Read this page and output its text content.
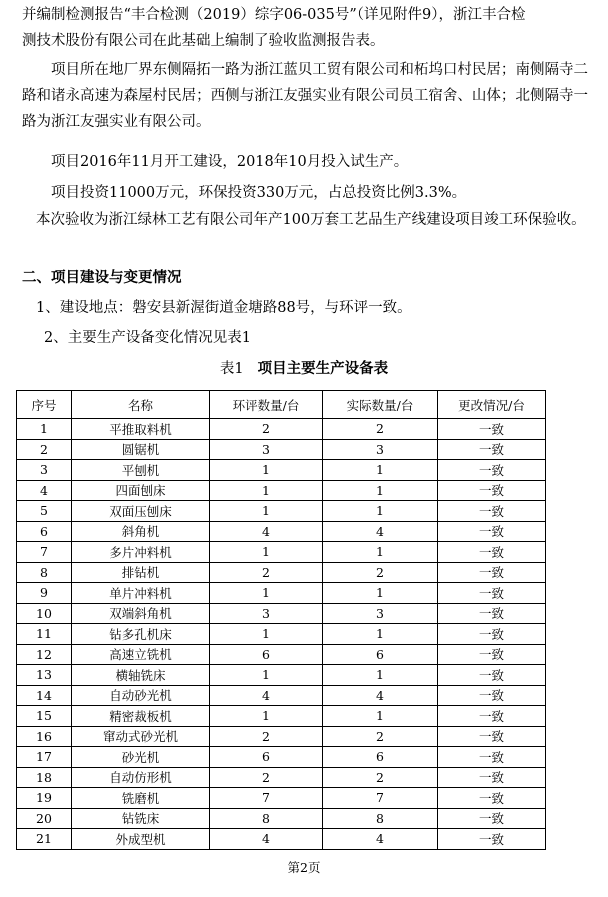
并编制检测报告“丰合检测（2019）综字06-035号”（详见附件9），浙江丰合检
测技术股份有限公司在此基础上编制了验收监测报告表。

项目所在地厂界东侧隔拓一路为浙江蓝贝工贸有限公司和柘坞口村民居；南侧隔寺二路和诸永高速为森屋村民居；西侧与浙江友强实业有限公司员工宿舍、山体；北侧隔寺一路为浙江友强实业有限公司。

项目2016年11月开工建设，2018年10月投入试生产。

项目投资11000万元，环保投资330万元，占总投资比例3.3%。

本次验收为浙江绿林工艺有限公司年产100万套工艺品生产线建设项目竣工环保验收。

二、项目建设与变更情况

1、建设地点：磐安县新渥街道金塘路88号，与环评一致。

2、主要生产设备变化情况见表1

表1 项目主要生产设备表
序号	名称	环评数量/台	实际数量/台	更改情况/台
1	平推取料机	2	2	一致
2	圆锯机	3	3	一致
3	平刨机	1	1	一致
4	四面刨床	1	1	一致
5	双面压刨床	1	1	一致
6	斜角机	4	4	一致
7	多片冲料机	1	1	一致
8	排钻机	2	2	一致
9	单片冲料机	1	1	一致
10	双端斜角机	3	3	一致
11	钻多孔机床	1	1	一致
12	高速立铣机	6	6	一致
13	横轴铣床	1	1	一致
14	自动砂光机	4	4	一致
15	精密裁板机	1	1	一致
16	窜动式砂光机	2	2	一致
17	砂光机	6	6	一致
18	自动仿形机	2	2	一致
19	铣磨机	7	7	一致
20	钻铣床	8	8	一致
21	外成型机	4	4	一致
第2页
